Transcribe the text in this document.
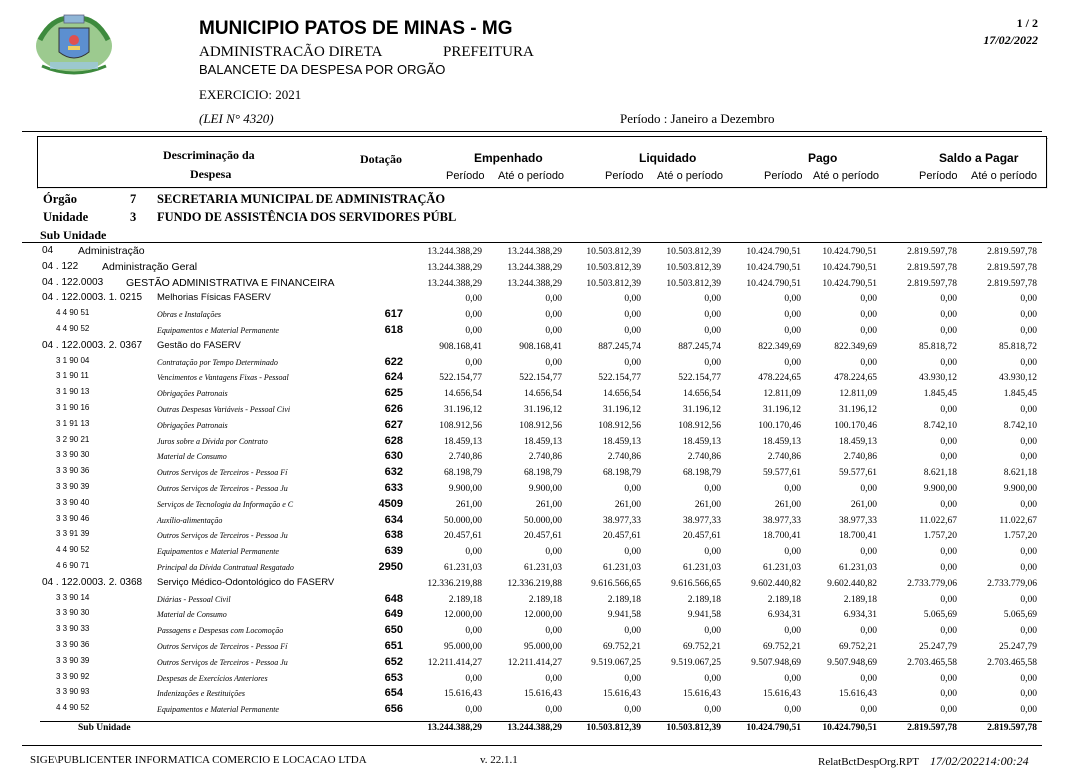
MUNICIPIO PATOS DE MINAS - MG
ADMINISTRACÃO DIRETA	PREFEITURA
BALANCETE DA DESPESA POR ORGÃO
EXERCICIO: 2021
(LEI N° 4320)	Período : Janeiro a Dezembro
1 / 2
17/02/2022
Descriminação da
Despesa
Dotação	Empenhado	Liquidado	Pago	Saldo a Pagar
Período Até o período	Período Até o período	Período Até o período	Período Até o período
Órgão	7 SECRETARIA MUNICIPAL DE ADMINISTRAÇÃO
Unidade	3 FUNDO DE ASSISTÊNCIA DOS SERVIDORES PÚBL
Sub Unidade
04 Administração	13.244.388,29	13.244.388,29	10.503.812,39	10.503.812,39	10.424.790,51	10.424.790,51	2.819.597,78	2.819.597,78
04 . 122 Administração Geral	13.244.388,29	13.244.388,29	10.503.812,39	10.503.812,39	10.424.790,51	10.424.790,51	2.819.597,78	2.819.597,78
04 . 122.0003 GESTÃO ADMINISTRATIVA E FINANCEIRA	13.244.388,29	13.244.388,29	10.503.812,39	10.503.812,39	10.424.790,51	10.424.790,51	2.819.597,78	2.819.597,78
04 . 122.0003. 1. 0215 Melhorias Físicas FASERV	0,00	0,00	0,00	0,00	0,00	0,00	0,00	0,00
4 4 90 51	Obras e Instalações	617	0,00	0,00	0,00	0,00	0,00	0,00	0,00	0,00
4 4 90 52	Equipamentos e Material Permanente	618	0,00	0,00	0,00	0,00	0,00	0,00	0,00	0,00
04 . 122.0003. 2. 0367 Gestão do FASERV	908.168,41	908.168,41	887.245,74	887.245,74	822.349,69	822.349,69	85.818,72	85.818,72
3 1 90 04	Contratação por Tempo Determinado	622	0,00	0,00	0,00	0,00	0,00	0,00	0,00	0,00
3 1 90 11	Vencimentos e Vantagens Fixas - Pessoal	624	522.154,77	522.154,77	522.154,77	522.154,77	478.224,65	478.224,65	43.930,12	43.930,12
3 1 90 13	Obrigações Patronais	625	14.656,54	14.656,54	14.656,54	14.656,54	12.811,09	12.811,09	1.845,45	1.845,45
3 1 90 16	Outras Despesas Variáveis - Pessoal Civi	626	31.196,12	31.196,12	31.196,12	31.196,12	31.196,12	31.196,12	0,00	0,00
3 1 91 13	Obrigações Patronais	627	108.912,56	108.912,56	108.912,56	108.912,56	100.170,46	100.170,46	8.742,10	8.742,10
3 2 90 21	Juros sobre a Dívida por Contrato	628	18.459,13	18.459,13	18.459,13	18.459,13	18.459,13	18.459,13	0,00	0,00
3 3 90 30	Material de Consumo	630	2.740,86	2.740,86	2.740,86	2.740,86	2.740,86	2.740,86	0,00	0,00
3 3 90 36	Outros Serviços de Terceiros - Pessoa Fí	632	68.198,79	68.198,79	68.198,79	68.198,79	59.577,61	59.577,61	8.621,18	8.621,18
3 3 90 39	Outros Serviços de Terceiros - Pessoa Ju	633	9.900,00	9.900,00	0,00	0,00	0,00	0,00	9.900,00	9.900,00
3 3 90 40	Serviços de Tecnologia da Informação e C	4509	261,00	261,00	261,00	261,00	261,00	261,00	0,00	0,00
3 3 90 46	Auxílio-alimentação	634	50.000,00	50.000,00	38.977,33	38.977,33	38.977,33	38.977,33	11.022,67	11.022,67
3 3 91 39	Outros Serviços de Terceiros - Pessoa Ju	638	20.457,61	20.457,61	20.457,61	20.457,61	18.700,41	18.700,41	1.757,20	1.757,20
4 4 90 52	Equipamentos e Material Permanente	639	0,00	0,00	0,00	0,00	0,00	0,00	0,00	0,00
4 6 90 71	Principal da Dívida Contratual Resgatado	2950	61.231,03	61.231,03	61.231,03	61.231,03	61.231,03	61.231,03	0,00	0,00
04 . 122.0003. 2. 0368 Serviço Médico-Odontológico do FASERV	12.336.219,88	12.336.219,88	9.616.566,65	9.616.566,65	9.602.440,82	9.602.440,82	2.733.779,06	2.733.779,06
3 3 90 14	Diárias - Pessoal Civil	648	2.189,18	2.189,18	2.189,18	2.189,18	2.189,18	2.189,18	0,00	0,00
3 3 90 30	Material de Consumo	649	12.000,00	12.000,00	9.941,58	9.941,58	6.934,31	6.934,31	5.065,69	5.065,69
3 3 90 33	Passagens e Despesas com Locomoção	650	0,00	0,00	0,00	0,00	0,00	0,00	0,00	0,00
3 3 90 36	Outros Serviços de Terceiros - Pessoa Fí	651	95.000,00	95.000,00	69.752,21	69.752,21	69.752,21	69.752,21	25.247,79	25.247,79
3 3 90 39	Outros Serviços de Terceiros - Pessoa Ju	652	12.211.414,27	12.211.414,27	9.519.067,25	9.519.067,25	9.507.948,69	9.507.948,69	2.703.465,58	2.703.465,58
3 3 90 92	Despesas de Exercícios Anteriores	653	0,00	0,00	0,00	0,00	0,00	0,00	0,00	0,00
3 3 90 93	Indenizações e Restituições	654	15.616,43	15.616,43	15.616,43	15.616,43	15.616,43	15.616,43	0,00	0,00
4 4 90 52	Equipamentos e Material Permanente	656	0,00	0,00	0,00	0,00	0,00	0,00	0,00	0,00
Sub Unidade	13.244.388,29	13.244.388,29	10.503.812,39	10.503.812,39	10.424.790,51	10.424.790,51	2.819.597,78	2.819.597,78
SIGE\PUBLICENTER INFORMATICA COMERCIO E LOCACAO LTDA	v. 22.1.1	RelatBctDespOrg.RPT 17/02/202214:00:24
